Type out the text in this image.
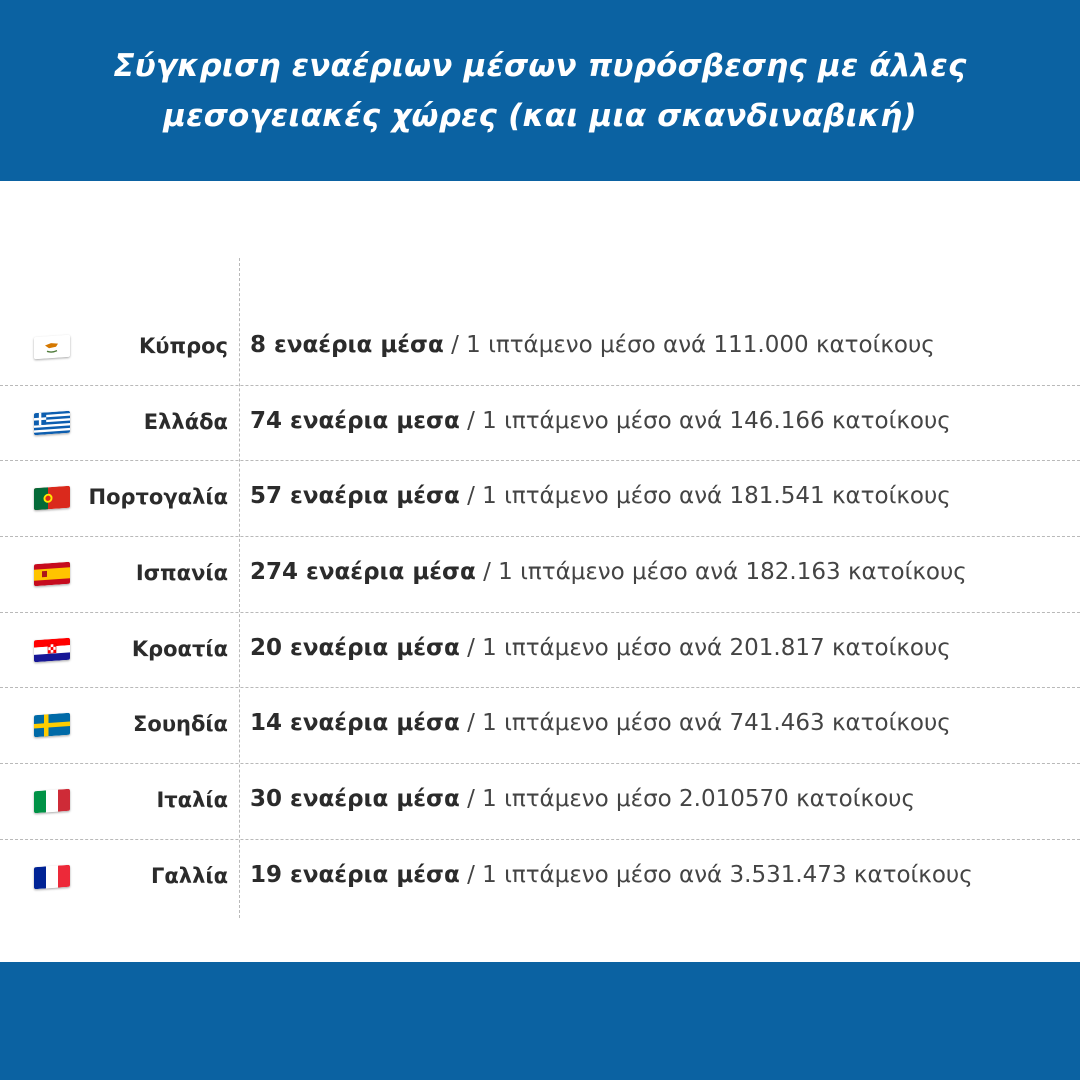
Σύγκριση εναέριων μέσων πυρόσβεσης με άλλες
μεσογειακές χώρες (και μια σκανδιναβική)
Κύπρος 8 εναέρια μέσα / 1 ιπτάμενο μέσο ανά 111.000 κατοίκους
Ελλάδα 74 εναέρια μεσα / 1 ιπτάμενο μέσο ανά 146.166 κατοίκους
Πορτογαλία 57 εναέρια μέσα / 1 ιπτάμενο μέσο ανά 181.541 κατοίκους
Ισπανία 274 εναέρια μέσα / 1 ιπτάμενο μέσο ανά 182.163 κατοίκους
Κροατία 20 εναέρια μέσα / 1 ιπτάμενο μέσο ανά 201.817 κατοίκους
Σουηδία 14 εναέρια μέσα / 1 ιπτάμενο μέσο ανά 741.463 κατοίκους
Ιταλία 30 εναέρια μέσα / 1 ιπτάμενο μέσο 2.010570 κατοίκους
Γαλλία 19 εναέρια μέσα / 1 ιπτάμενο μέσο ανά 3.531.473 κατοίκους
